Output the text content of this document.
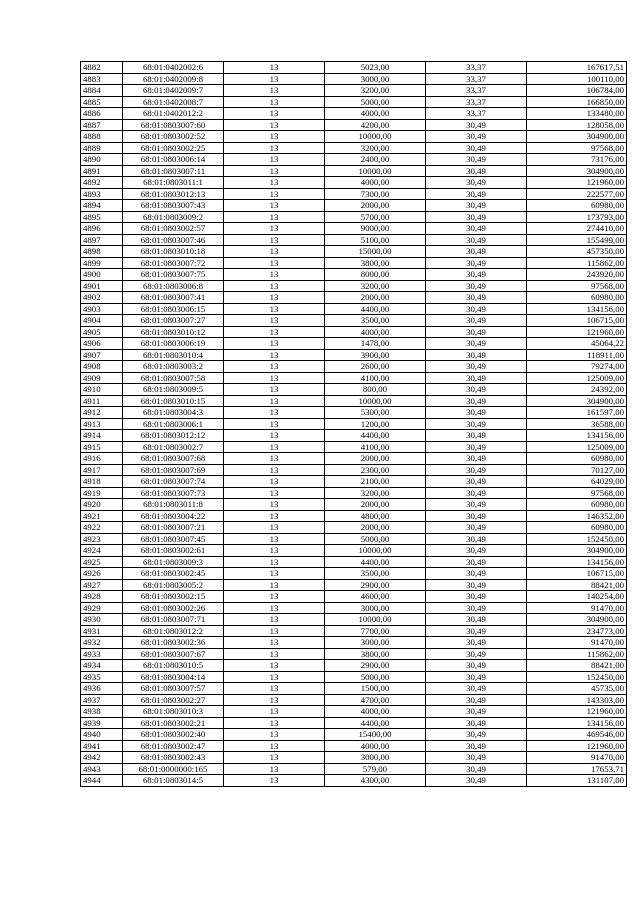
4882	68:01:0402002:6	13	5023,00	33,37	167617,51
4883	68:01:0402009:8	13	3000,00	33,37	100110,00
4884	68:01:0402009:7	13	3200,00	33,37	106784,00
4885	68:01:0402008:7	13	5000,00	33,37	166850,00
4886	68:01:0402012:2	13	4000,00	33,37	133480,00
4887	68:01:0803007:60	13	4200,00	30,49	128058,00
4888	68:01:0803002:52	13	10000,00	30,49	304900,00
4889	68:01:0803002:25	13	3200,00	30,49	97568,00
4890	68:01:0803006:14	13	2400,00	30,49	73176,00
4891	68:01:0803007:11	13	10000,00	30,49	304900,00
4892	68:01:0803011:1	13	4000,00	30,49	121960,00
4893	68:01:0803012:13	13	7300,00	30,49	222577,00
4894	68:01:0803007:43	13	2000,00	30,49	60980,00
4895	68:01:0803009:2	13	5700,00	30,49	173793,00
4896	68:01:0803002:57	13	9000,00	30,49	274410,00
4897	68:01:0803007:46	13	5100,00	30,49	155499,00
4898	68:01:0803010:18	13	15000,00	30,49	457350,00
4899	68:01:0803007:72	13	3800,00	30,49	115862,00
4900	68:01:0803007:75	13	8000,00	30,49	243920,00
4901	68:01:0803006:8	13	3200,00	30,49	97568,00
4902	68:01:0803007:41	13	2000,00	30,49	60980,00
4903	68:01:0803006:15	13	4400,00	30,49	134156,00
4904	68:01:0803007:27	13	3500,00	30,49	106715,00
4905	68:01:0803010:12	13	4000,00	30,49	121960,00
4906	68:01:0803006:19	13	1478,00	30,49	45064,22
4907	68:01:0803010:4	13	3900,00	30,49	118911,00
4908	68:01:0803003:2	13	2600,00	30,49	79274,00
4909	68:01:0803007:58	13	4100,00	30,49	125009,00
4910	68:01:0803009:5	13	800,00	30,49	24392,00
4911	68:01:0803010:15	13	10000,00	30,49	304900,00
4912	68:01:0803004:3	13	5300,00	30,49	161597,00
4913	68:01:0803006:1	13	1200,00	30,49	36588,00
4914	68:01:0803012:12	13	4400,00	30,49	134156,00
4915	68:01:0803002:7	13	4100,00	30,49	125009,00
4916	68:01:0803007:68	13	2000,00	30,49	60980,00
4917	68:01:0803007:69	13	2300,00	30,49	70127,00
4918	68:01:0803007:74	13	2100,00	30,49	64029,00
4919	68:01:0803007:73	13	3200,00	30,49	97568,00
4920	68:01:0803011:8	13	2000,00	30,49	60980,00
4921	68:01:0803004:22	13	4800,00	30,49	146352,00
4922	68:01:0803007:21	13	2000,00	30,49	60980,00
4923	68:01:0803007:45	13	5000,00	30,49	152450,00
4924	68:01:0803002:61	13	10000,00	30,49	304900,00
4925	68:01:0803009:3	13	4400,00	30,49	134156,00
4926	68:01:0803002:45	13	3500,00	30,49	106715,00
4927	68:01:0803005:2	13	2900,00	30,49	88421,00
4928	68:01:0803002:15	13	4600,00	30,49	140254,00
4929	68:01:0803002:26	13	3000,00	30,49	91470,00
4930	68:01:0803007:71	13	10000,00	30,49	304900,00
4931	68:01:0803012:2	13	7700,00	30,49	234773,00
4932	68:01:0803002:36	13	3000,00	30,49	91470,00
4933	68:01:0803007:67	13	3800,00	30,49	115862,00
4934	68:01:0803010:5	13	2900,00	30,49	88421,00
4935	68:01:0803004:14	13	5000,00	30,49	152450,00
4936	68:01:0803007:57	13	1500,00	30,49	45735,00
4937	68:01:0803002:27	13	4700,00	30,49	143303,00
4938	68:01:0803010:3	13	4000,00	30,49	121960,00
4939	68:01:0803002:21	13	4400,00	30,49	134156,00
4940	68:01:0803002:40	13	15400,00	30,49	469546,00
4941	68:01:0803002:47	13	4000,00	30,49	121960,00
4942	68:01:0803002:43	13	3000,00	30,49	91470,00
4943	68:01:0000000:165	13	579,00	30,49	17653,71
4944	68:01:0803014:5	13	4300,00	30,49	131107,00
